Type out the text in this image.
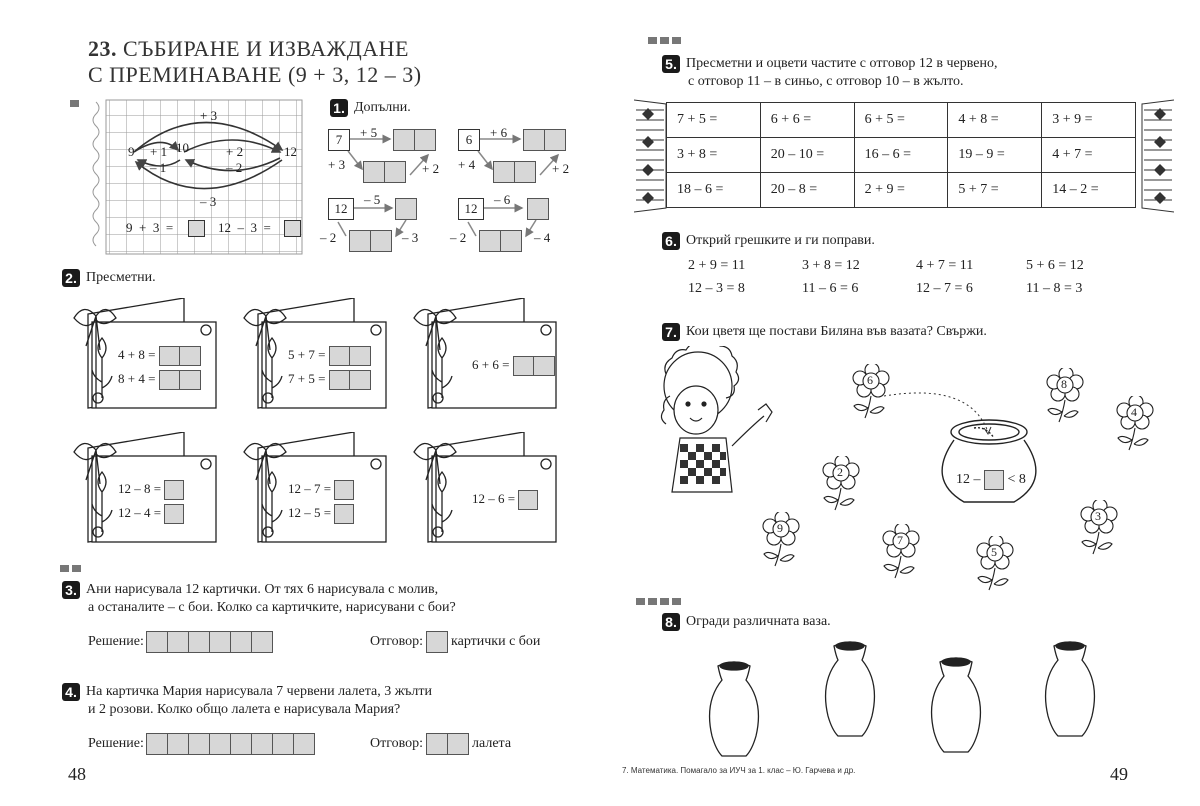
23. СЪБИРАНЕ И ИЗВАЖДАНЕ
С ПРЕМИНАВАНЕ (9 + 3, 12 – 3)
+ 3
9 + 1 10	+ 2	12
– 1	– 2
– 3
9  +  3  =	12  –  3  =
1. Допълни.
7	+ 5
+ 3	+ 2
6	+ 6
+ 4	+ 2
12
– 5
– 2	– 3
12
– 6
– 2	– 4
2. Пресметни.
4 + 8 =
8 + 4 =
5 + 7 =
7 + 5 =
6 + 6 =
12 – 8 =
12 – 4 =
12 – 7 =
12 – 5 =
12 – 6 =
3. Ани нарисувала 12 картички. От тях 6 нарисувала с молив,
а останалите – с бои. Колко са картичките, нарисувани с бои?
Решение:	Отговор: картички с бои
4. На картичка Мария нарисувала 7 червени лалета, 3 жълти
и 2 розови. Колко общо лалета е нарисувала Мария?
Решение:	Отговор:	лалета
48
5. Пресметни и оцвети частите с отговор 12 в червено,
с отговор 11 – в синьо, с отговор 10 – в жълто.
7 + 5 =	6 + 6 =	6 + 5 =	4 + 8 =	3 + 9 =
3 + 8 =	20 – 10 =	16 – 6 =	19 – 9 =	4 + 7 =
18 – 6 =	20 – 8 =	2 + 9 =	5 + 7 =	14 – 2 =
6. Открий грешките и ги поправи.
2 + 9 = 11	3 + 8 = 12	4 + 7 = 11	5 + 6 = 12
12 – 3 = 8	11 – 6 = 6	12 – 7 = 6	11 – 8 = 3
7. Кои цветя ще постави Биляна във вазата? Свържи.
12 – < 8
6	8
4
2
3
9
7
5
8. Огради различната ваза.
7. Математика. Помагало за ИУЧ за 1. клас – Ю. Гарчева и др.	49
